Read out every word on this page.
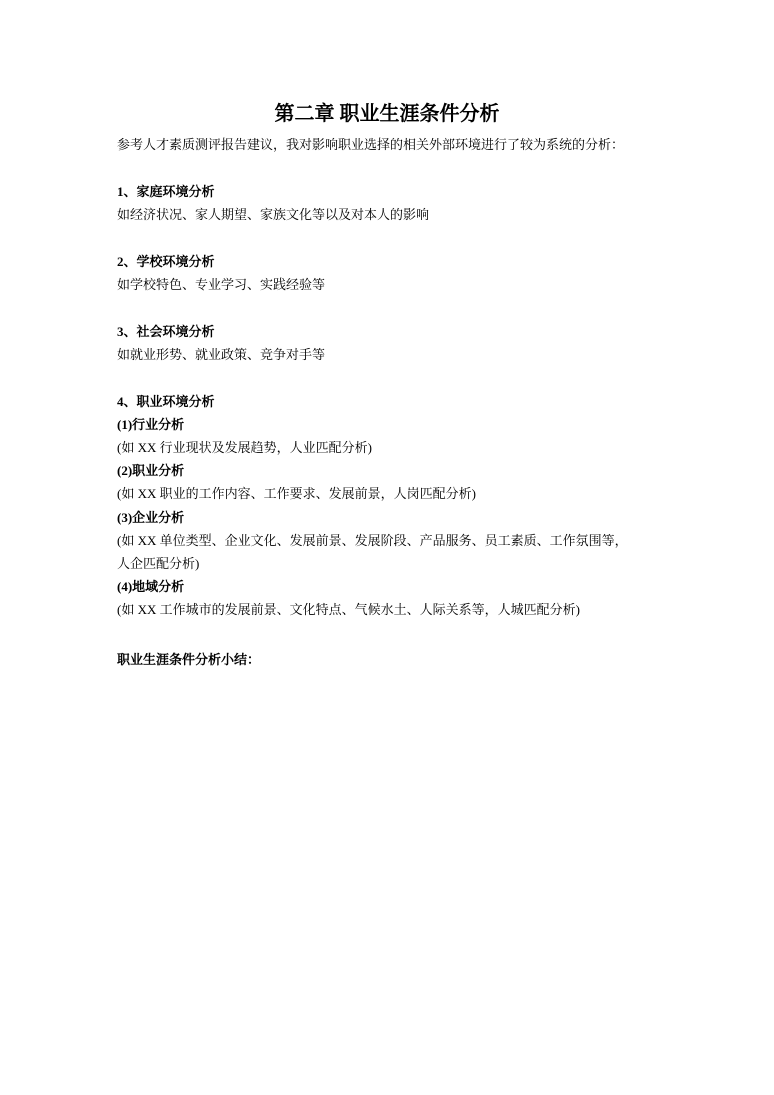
第二章 职业生涯条件分析
参考人才素质测评报告建议，我对影响职业选择的相关外部环境进行了较为系统的分析：
1、家庭环境分析
如经济状况、家人期望、家族文化等以及对本人的影响
2、学校环境分析
如学校特色、专业学习、实践经验等
3、社会环境分析
如就业形势、就业政策、竞争对手等
4、职业环境分析
(1)行业分析
(如 XX 行业现状及发展趋势，人业匹配分析)
(2)职业分析
(如 XX 职业的工作内容、工作要求、发展前景，人岗匹配分析)
(3)企业分析
(如 XX 单位类型、企业文化、发展前景、发展阶段、产品服务、员工素质、工作氛围等，
人企匹配分析)
(4)地域分析
(如 XX 工作城市的发展前景、文化特点、气候水土、人际关系等，人城匹配分析)
职业生涯条件分析小结：
